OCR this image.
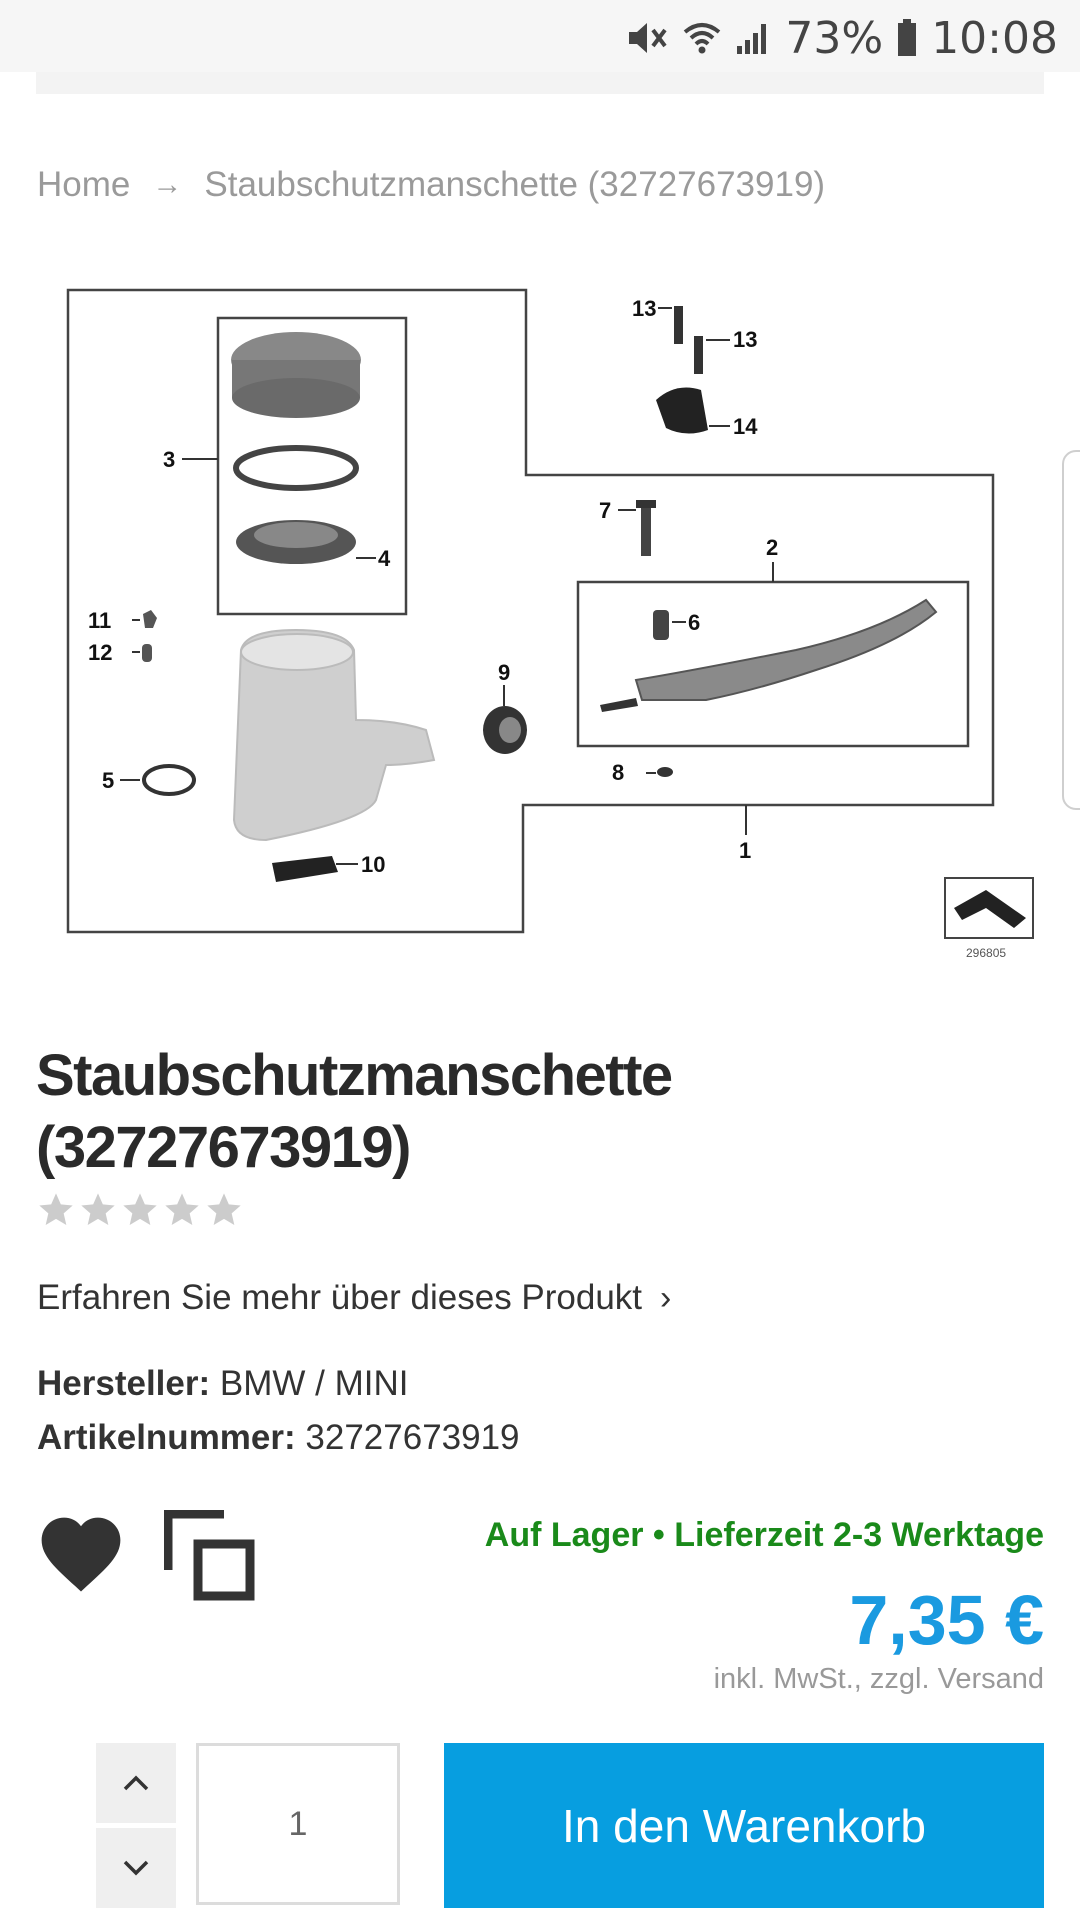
73% 10:08
Home → Staubschutzmanschette (32727673919)
13
13
14
3
4
7
2
11
12
6
9
5	8
1
10
296805
Staubschutzmanschette
(32727673919)
Erfahren Sie mehr über dieses Produkt ›
Hersteller: BMW / MINI
Artikelnummer: 32727673919
Auf Lager • Lieferzeit 2-3 Werktage
7,35 €
inkl. MwSt., zzgl. Versand
1
In den Warenkorb
